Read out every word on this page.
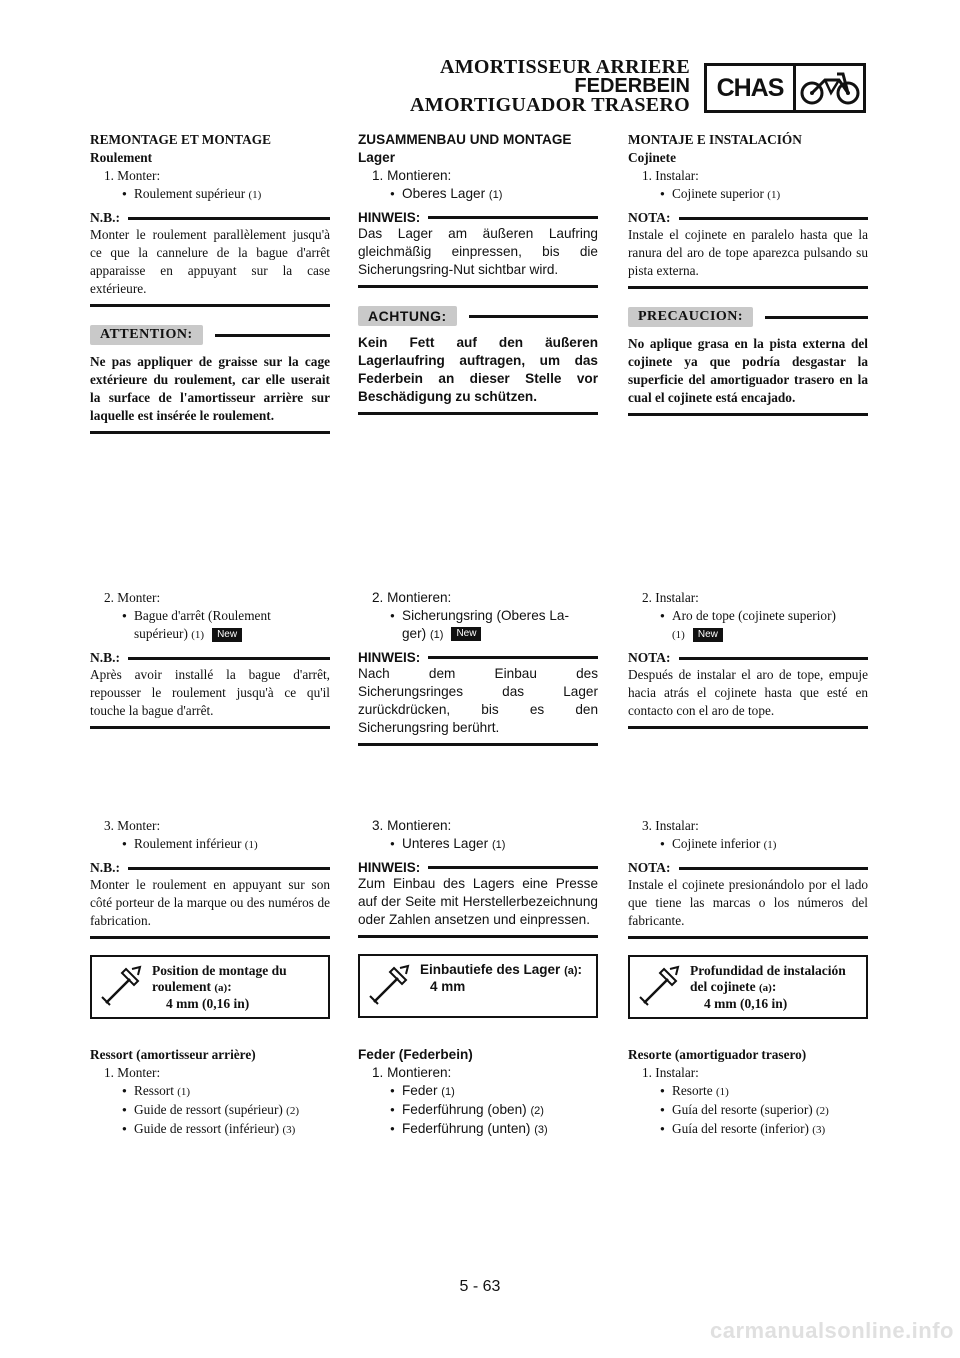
AMORTISSEUR ARRIERE
FEDERBEIN
AMORTIGUADOR TRASERO
CHAS
REMONTAGE ET MONTAGE
Roulement
1. Monter:
● Roulement supérieur (1)
N.B.:
Monter le roulement parallèlement jusqu'à ce que la cannelure de la bague d'arrêt apparaisse en appuyant sur la case extérieure.
ATTENTION:
Ne pas appliquer de graisse sur la cage extérieure du roulement, car elle userait la surface de l'amortisseur arrière sur laquelle est insérée le roulement.
2. Monter:
● Bague d'arrêt (Roulement
supérieur) (1) New
N.B.:
Après avoir installé la bague d'arrêt, repousser le roulement jusqu'à ce qu'il touche la bague d'arrêt.
3. Monter:
● Roulement inférieur (1)
N.B.:
Monter le roulement en appuyant sur son côté porteur de la marque ou des numéros de fabrication.
Position de montage du roulement (a):
4 mm (0,16 in)
Ressort (amortisseur arrière)
1. Monter:
● Ressort (1)
● Guide de ressort (supérieur) (2)
● Guide de ressort (inférieur) (3)
ZUSAMMENBAU UND MONTAGE
Lager
1. Montieren:
● Oberes Lager (1)
HINWEIS:
Das Lager am äußeren Laufring gleichmäßig einpressen, bis die Sicherungsring-Nut sichtbar wird.
ACHTUNG:
Kein Fett auf den äußeren Lagerlaufring auftragen, um das Federbein an dieser Stelle vor Beschädigung zu schützen.
2. Montieren:
● Sicherungsring (Oberes La-
ger) (1) New
HINWEIS:
Nach dem Einbau des Sicherungsringes das Lager zurückdrücken, bis es den Sicherungsring berührt.
3. Montieren:
● Unteres Lager (1)
HINWEIS:
Zum Einbau des Lagers eine Presse auf der Seite mit Herstellerbezeichnung oder Zahlen ansetzen und einpressen.
Einbautiefe des Lager (a):
4 mm
Feder (Federbein)
1. Montieren:
● Feder (1)
● Federführung (oben) (2)
● Federführung (unten) (3)
MONTAJE E INSTALACIÓN
Cojinete
1. Instalar:
● Cojinete superior (1)
NOTA:
Instale el cojinete en paralelo hasta que la ranura del aro de tope aparezca pulsando su pista externa.
PRECAUCION:
No aplique grasa en la pista externa del cojinete ya que podría desgastar la superficie del amortiguador trasero en la cual el cojinete está encajado.
2. Instalar:
● Aro de tope (cojinete superior)
(1) New
NOTA:
Después de instalar el aro de tope, empuje hacia atrás el cojinete hasta que esté en contacto con el aro de tope.
3. Instalar:
● Cojinete inferior (1)
NOTA:
Instale el cojinete presionándolo por el lado que tiene las marcas o los números del fabricante.
Profundidad de instalación del cojinete (a):
4 mm (0,16 in)
Resorte (amortiguador trasero)
1. Instalar:
● Resorte (1)
● Guía del resorte (superior) (2)
● Guía del resorte (inferior) (3)
5 - 63
carmanualsonline.info
